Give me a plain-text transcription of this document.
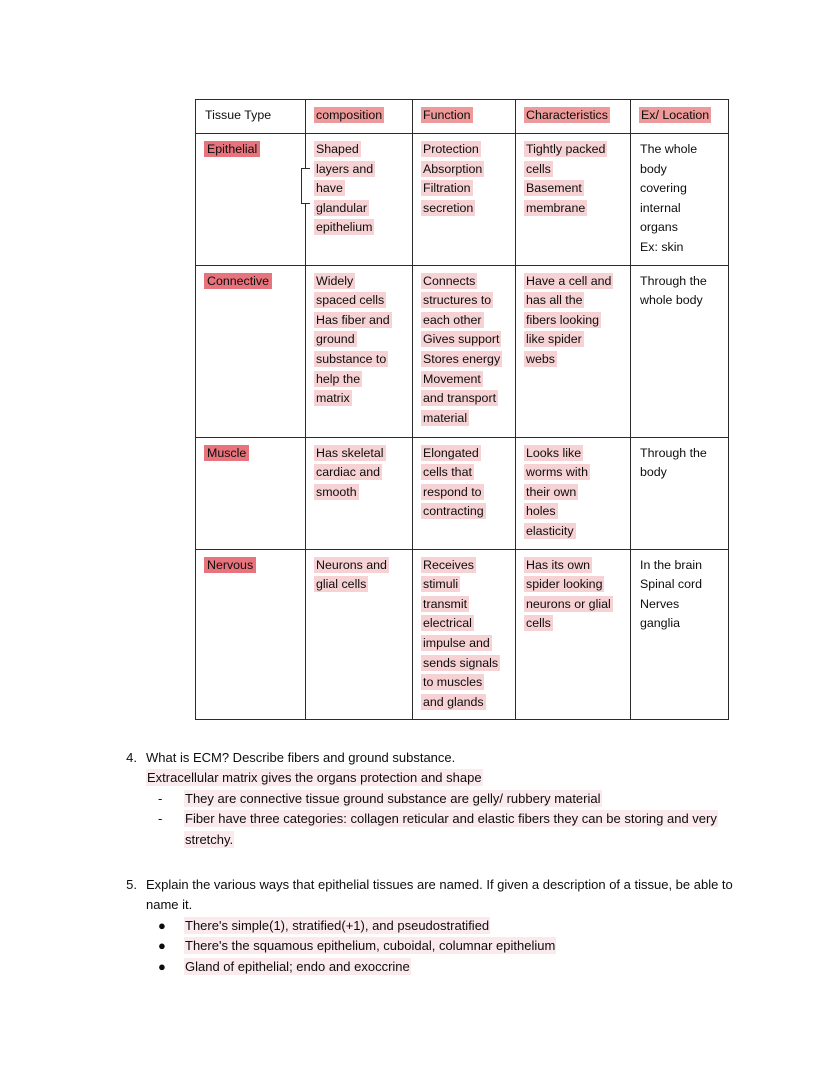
Tissue Type	composition	Function	Characteristics	Ex/ Location
Epithelial	Shaped
layers and
have
glandular
epithelium	Protection
Absorption
Filtration
secretion	Tightly packed
cells
Basement
membrane	The whole
body
covering
internal
organs
Ex: skin
Connective	Widely
spaced cells
Has fiber and
ground
substance to
help the
matrix	Connects
structures to
each other
Gives support
Stores energy
Movement
and transport
material	Have a cell and
has all the
fibers looking
like spider
webs	Through the
whole body
Muscle	Has skeletal
cardiac and
smooth	Elongated
cells that
respond to
contracting	Looks like
worms with
their own
holes
elasticity	Through the
body
Nervous	Neurons and
glial cells	Receives
stimuli
transmit
electrical
impulse and
sends signals
to muscles
and glands	Has its own
spider looking
neurons or glial
cells	In the brain
Spinal cord
Nerves
ganglia
4. What is ECM? Describe fibers and ground substance.
Extracellular matrix gives the organs protection and shape
-	They are connective tissue ground substance are gelly/ rubbery material
-	Fiber have three categories: collagen reticular and elastic fibers they can be storing and very stretchy.
5. Explain the various ways that epithelial tissues are named. If given a description of a tissue, be able to name it.
●	There's simple(1), stratified(+1), and pseudostratified
●	There's the squamous epithelium, cuboidal, columnar epithelium
●	Gland of epithelial; endo and exoccrine
